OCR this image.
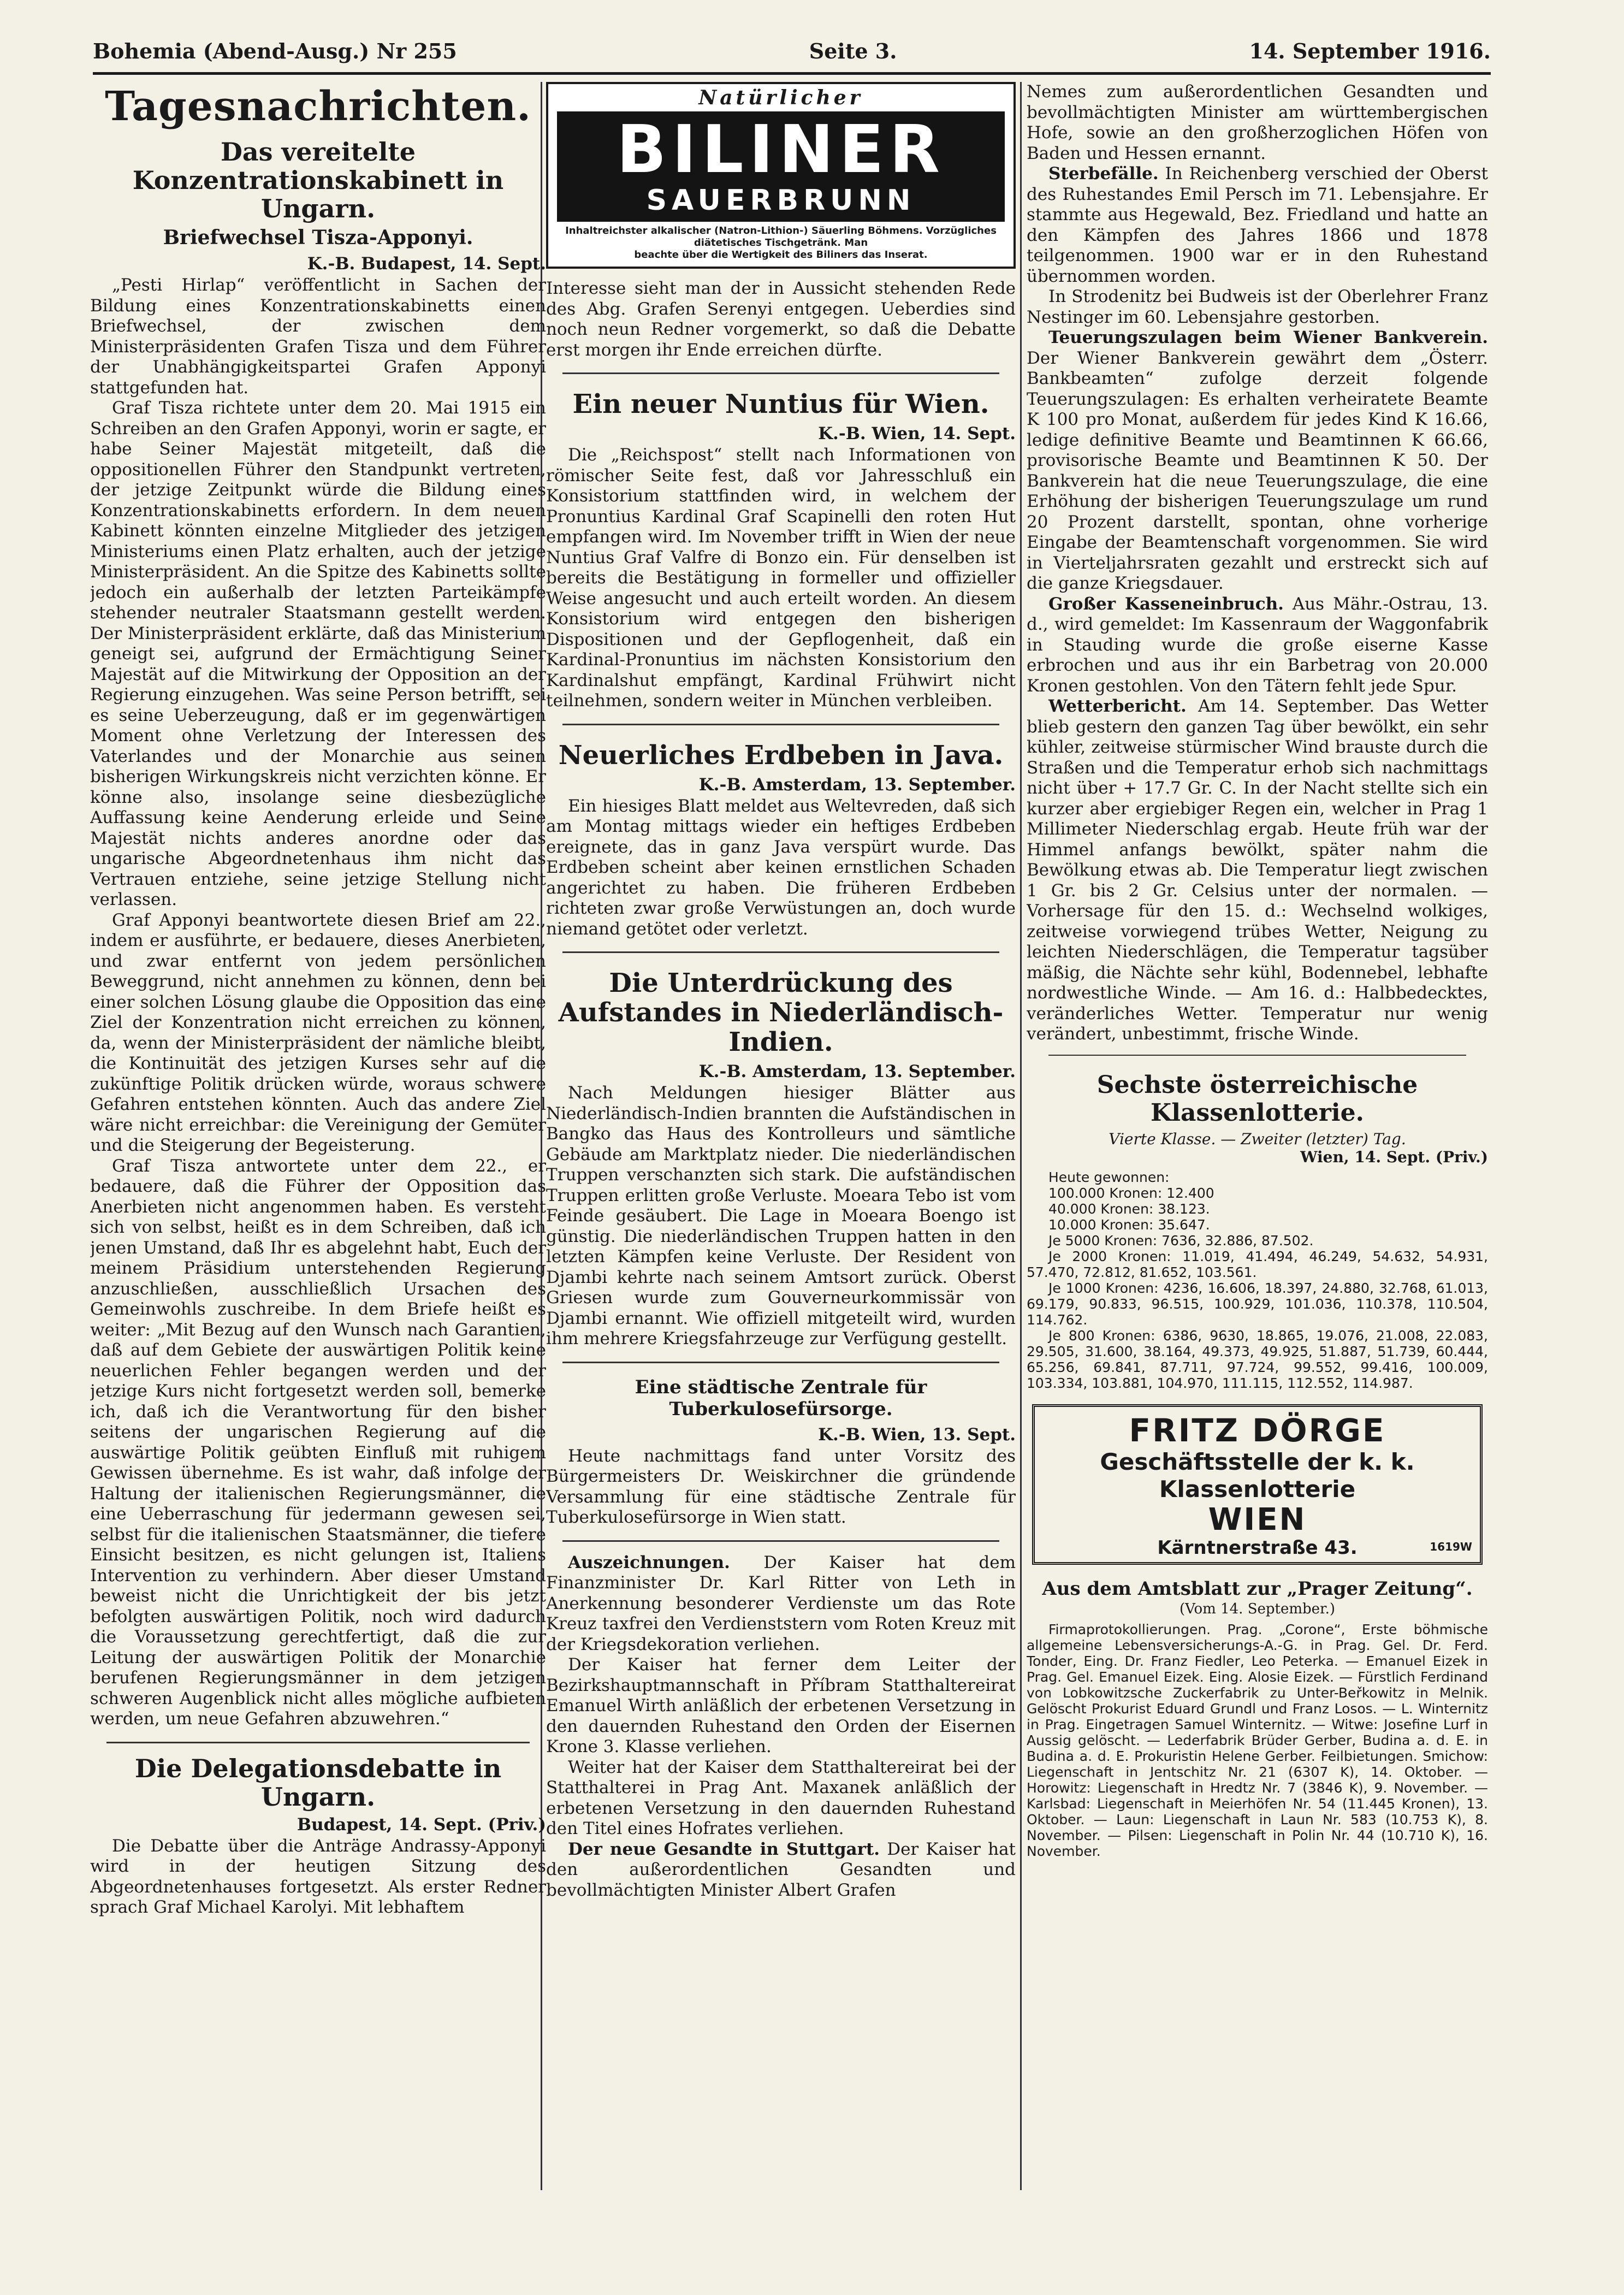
Bohemia (Abend-Ausg.) Nr 255	Seite 3.	14. September 1916.
Tagesnachrichten.
Das vereitelte Konzentrationskabinett in Ungarn.
Briefwechsel Tisza-Apponyi.
K.-B. Budapest, 14. Sept.

„Pesti Hirlap“ veröffentlicht in Sachen der Bildung eines Konzentrationskabinetts einen Briefwechsel, der zwischen dem Ministerpräsidenten Grafen Tisza und dem Führer der Unabhängigkeitspartei Grafen Apponyi stattgefunden hat.

Graf Tisza richtete unter dem 20. Mai 1915 ein Schreiben an den Grafen Apponyi, worin er sagte, er habe Seiner Majestät mitgeteilt, daß die oppositionellen Führer den Standpunkt vertreten, der jetzige Zeitpunkt würde die Bildung eines Konzentrationskabinetts erfordern. In dem neuen Kabinett könnten einzelne Mitglieder des jetzigen Ministeriums einen Platz erhalten, auch der jetzige Ministerpräsident. An die Spitze des Kabinetts sollte jedoch ein außerhalb der letzten Parteikämpfe stehender neutraler Staatsmann gestellt werden. Der Ministerpräsident erklärte, daß das Ministerium geneigt sei, aufgrund der Ermächtigung Seiner Majestät auf die Mitwirkung der Opposition an der Regierung einzugehen. Was seine Person betrifft, sei es seine Ueberzeugung, daß er im gegenwärtigen Moment ohne Verletzung der Interessen des Vaterlandes und der Monarchie aus seinen bisherigen Wirkungskreis nicht verzichten könne. Er könne also, insolange seine diesbezügliche Auffassung keine Aenderung erleide und Seine Majestät nichts anderes anordne oder das ungarische Abgeordnetenhaus ihm nicht das Vertrauen entziehe, seine jetzige Stellung nicht verlassen.

Graf Apponyi beantwortete diesen Brief am 22., indem er ausführte, er bedauere, dieses Anerbieten, und zwar entfernt von jedem persönlichen Beweggrund, nicht annehmen zu können, denn bei einer solchen Lösung glaube die Opposition das eine Ziel der Konzentration nicht erreichen zu können, da, wenn der Ministerpräsident der nämliche bleibt, die Kontinuität des jetzigen Kurses sehr auf die zukünftige Politik drücken würde, woraus schwere Gefahren entstehen könnten. Auch das andere Ziel wäre nicht erreichbar: die Vereinigung der Gemüter und die Steigerung der Begeisterung.

Graf Tisza antwortete unter dem 22., er bedauere, daß die Führer der Opposition das Anerbieten nicht angenommen haben. Es versteht sich von selbst, heißt es in dem Schreiben, daß ich jenen Umstand, daß Ihr es abgelehnt habt, Euch der meinem Präsidium unterstehenden Regierung anzuschließen, ausschließlich Ursachen des Gemeinwohls zuschreibe. In dem Briefe heißt es weiter: „Mit Bezug auf den Wunsch nach Garantien, daß auf dem Gebiete der auswärtigen Politik keine neuerlichen Fehler begangen werden und der jetzige Kurs nicht fortgesetzt werden soll, bemerke ich, daß ich die Verantwortung für den bisher seitens der ungarischen Regierung auf die auswärtige Politik geübten Einfluß mit ruhigem Gewissen übernehme. Es ist wahr, daß infolge der Haltung der italienischen Regierungsmänner, die eine Ueberraschung für jedermann gewesen sei, selbst für die italienischen Staatsmänner, die tiefere Einsicht besitzen, es nicht gelungen ist, Italiens Intervention zu verhindern. Aber dieser Umstand beweist nicht die Unrichtigkeit der bis jetzt befolgten auswärtigen Politik, noch wird dadurch die Voraussetzung gerechtfertigt, daß die zur Leitung der auswärtigen Politik der Monarchie berufenen Regierungsmänner in dem jetzigen schweren Augenblick nicht alles mögliche aufbieten werden, um neue Gefahren abzuwehren.“

Die Delegationsdebatte in Ungarn.
Budapest, 14. Sept. (Priv.)

Die Debatte über die Anträge Andrassy-Apponyi wird in der heutigen Sitzung des Abgeordnetenhauses fortgesetzt. Als erster Redner sprach Graf Michael Karolyi. Mit lebhaftem

Natürlicher
BILINER
SAUERBRUNN
Inhaltreichster alkalischer (Natron-Lithion-) Säuerling Böhmens. Vorzügliches diätetisches Tischgetränk. Man
beachte über die Wertigkeit des Biliners das Inserat.

Interesse sieht man der in Aussicht stehenden Rede des Abg. Grafen Serenyi entgegen. Ueberdies sind noch neun Redner vorgemerkt, so daß die Debatte erst morgen ihr Ende erreichen dürfte.

Ein neuer Nuntius für Wien.
K.-B. Wien, 14. Sept.

Die „Reichspost“ stellt nach Informationen von römischer Seite fest, daß vor Jahresschluß ein Konsistorium stattfinden wird, in welchem der Pronuntius Kardinal Graf Scapinelli den roten Hut empfangen wird. Im November trifft in Wien der neue Nuntius Graf Valfre di Bonzo ein. Für denselben ist bereits die Bestätigung in formeller und offizieller Weise angesucht und auch erteilt worden. An diesem Konsistorium wird entgegen den bisherigen Dispositionen und der Gepflogenheit, daß ein Kardinal-Pronuntius im nächsten Konsistorium den Kardinalshut empfängt, Kardinal Frühwirt nicht teilnehmen, sondern weiter in München verbleiben.

Neuerliches Erdbeben in Java.
K.-B. Amsterdam, 13. September.

Ein hiesiges Blatt meldet aus Weltevreden, daß sich am Montag mittags wieder ein heftiges Erdbeben ereignete, das in ganz Java verspürt wurde. Das Erdbeben scheint aber keinen ernstlichen Schaden angerichtet zu haben. Die früheren Erdbeben richteten zwar große Verwüstungen an, doch wurde niemand getötet oder verletzt.

Die Unterdrückung des Aufstandes in Niederländisch-Indien.
K.-B. Amsterdam, 13. September.

Nach Meldungen hiesiger Blätter aus Niederländisch-Indien brannten die Aufständischen in Bangko das Haus des Kontrolleurs und sämtliche Gebäude am Marktplatz nieder. Die niederländischen Truppen verschanzten sich stark. Die aufständischen Truppen erlitten große Verluste. Moeara Tebo ist vom Feinde gesäubert. Die Lage in Moeara Boengo ist günstig. Die niederländischen Truppen hatten in den letzten Kämpfen keine Verluste. Der Resident von Djambi kehrte nach seinem Amtsort zurück. Oberst Griesen wurde zum Gouverneurkommissär von Djambi ernannt. Wie offiziell mitgeteilt wird, wurden ihm mehrere Kriegsfahrzeuge zur Verfügung gestellt.

Eine städtische Zentrale für Tuberkulosefürsorge.
K.-B. Wien, 13. Sept.

Heute nachmittags fand unter Vorsitz des Bürgermeisters Dr. Weiskirchner die gründende Versammlung für eine städtische Zentrale für Tuberkulosefürsorge in Wien statt.

Auszeichnungen. Der Kaiser hat dem Finanzminister Dr. Karl Ritter von Leth in Anerkennung besonderer Verdienste um das Rote Kreuz taxfrei den Verdienststern vom Roten Kreuz mit der Kriegsdekoration verliehen.

Der Kaiser hat ferner dem Leiter der Bezirkshauptmannschaft in Příbram Statthaltereirat Emanuel Wirth anläßlich der erbetenen Versetzung in den dauernden Ruhestand den Orden der Eisernen Krone 3. Klasse verliehen.

Weiter hat der Kaiser dem Statthaltereirat bei der Statthalterei in Prag Ant. Maxanek anläßlich der erbetenen Versetzung in den dauernden Ruhestand den Titel eines Hofrates verliehen.

Der neue Gesandte in Stuttgart. Der Kaiser hat den außerordentlichen Gesandten und bevollmächtigten Minister Albert Grafen

Nemes zum außerordentlichen Gesandten und bevollmächtigten Minister am württembergischen Hofe, sowie an den großherzoglichen Höfen von Baden und Hessen ernannt.

Sterbefälle. In Reichenberg verschied der Oberst des Ruhestandes Emil Persch im 71. Lebensjahre. Er stammte aus Hegewald, Bez. Friedland und hatte an den Kämpfen des Jahres 1866 und 1878 teilgenommen. 1900 war er in den Ruhestand übernommen worden.

In Strodenitz bei Budweis ist der Oberlehrer Franz Nestinger im 60. Lebensjahre gestorben.

Teuerungszulagen beim Wiener Bankverein. Der Wiener Bankverein gewährt dem „Österr. Bankbeamten“ zufolge derzeit folgende Teuerungszulagen: Es erhalten verheiratete Beamte K 100 pro Monat, außerdem für jedes Kind K 16.66, ledige definitive Beamte und Beamtinnen K 66.66, provisorische Beamte und Beamtinnen K 50. Der Bankverein hat die neue Teuerungszulage, die eine Erhöhung der bisherigen Teuerungszulage um rund 20 Prozent darstellt, spontan, ohne vorherige Eingabe der Beamtenschaft vorgenommen. Sie wird in Vierteljahrsraten gezahlt und erstreckt sich auf die ganze Kriegsdauer.

Großer Kasseneinbruch. Aus Mähr.-Ostrau, 13. d., wird gemeldet: Im Kassenraum der Waggonfabrik in Stauding wurde die große eiserne Kasse erbrochen und aus ihr ein Barbetrag von 20.000 Kronen gestohlen. Von den Tätern fehlt jede Spur.

Wetterbericht. Am 14. September. Das Wetter blieb gestern den ganzen Tag über bewölkt, ein sehr kühler, zeitweise stürmischer Wind brauste durch die Straßen und die Temperatur erhob sich nachmittags nicht über + 17.7 Gr. C. In der Nacht stellte sich ein kurzer aber ergiebiger Regen ein, welcher in Prag 1 Millimeter Niederschlag ergab. Heute früh war der Himmel anfangs bewölkt, später nahm die Bewölkung etwas ab. Die Temperatur liegt zwischen 1 Gr. bis 2 Gr. Celsius unter der normalen. — Vorhersage für den 15. d.: Wechselnd wolkiges, zeitweise vorwiegend trübes Wetter, Neigung zu leichten Niederschlägen, die Temperatur tagsüber mäßig, die Nächte sehr kühl, Bodennebel, lebhafte nordwestliche Winde. — Am 16. d.: Halbbedecktes, veränderliches Wetter. Temperatur nur wenig verändert, unbestimmt, frische Winde.

Sechste österreichische Klassenlotterie.
Vierte Klasse. — Zweiter (letzter) Tag.
Wien, 14. Sept. (Priv.)

Heute gewonnen:

100.000 Kronen: 12.400

40.000 Kronen: 38.123.

10.000 Kronen: 35.647.

Je 5000 Kronen: 7636, 32.886, 87.502.

Je 2000 Kronen: 11.019, 41.494, 46.249, 54.632, 54.931, 57.470, 72.812, 81.652, 103.561.

Je 1000 Kronen: 4236, 16.606, 18.397, 24.880, 32.768, 61.013, 69.179, 90.833, 96.515, 100.929, 101.036, 110.378, 110.504, 114.762.

Je 800 Kronen: 6386, 9630, 18.865, 19.076, 21.008, 22.083, 29.505, 31.600, 38.164, 49.373, 49.925, 51.887, 51.739, 60.444, 65.256, 69.841, 87.711, 97.724, 99.552, 99.416, 100.009, 103.334, 103.881, 104.970, 111.115, 112.552, 114.987.

FRITZ DÖRGE
Geschäftsstelle der k. k. Klassenlotterie
WIEN
Kärntnerstraße 43.	1619W
Aus dem Amtsblatt zur „Prager Zeitung“.
(Vom 14. September.)

Firmaprotokollierungen. Prag. „Corone“, Erste böhmische allgemeine Lebensversicherungs-A.-G. in Prag. Gel. Dr. Ferd. Tonder, Eing. Dr. Franz Fiedler, Leo Peterka. — Emanuel Eizek in Prag. Gel. Emanuel Eizek. Eing. Alosie Eizek. — Fürstlich Ferdinand von Lobkowitzsche Zuckerfabrik zu Unter-Beřkowitz in Melnik. Gelöscht Prokurist Eduard Grundl und Franz Losos. — L. Winternitz in Prag. Eingetragen Samuel Winternitz. — Witwe: Josefine Lurf in Aussig gelöscht. — Lederfabrik Brüder Gerber, Budina a. d. E. in Budina a. d. E. Prokuristin Helene Gerber. Feilbietungen. Smichow: Liegenschaft in Jentschitz Nr. 21 (6307 K), 14. Oktober. — Horowitz: Liegenschaft in Hredtz Nr. 7 (3846 K), 9. November. — Karlsbad: Liegenschaft in Meierhöfen Nr. 54 (11.445 Kronen), 13. Oktober. — Laun: Liegenschaft in Laun Nr. 583 (10.753 K), 8. November. — Pilsen: Liegenschaft in Polin Nr. 44 (10.710 K), 16. November.
